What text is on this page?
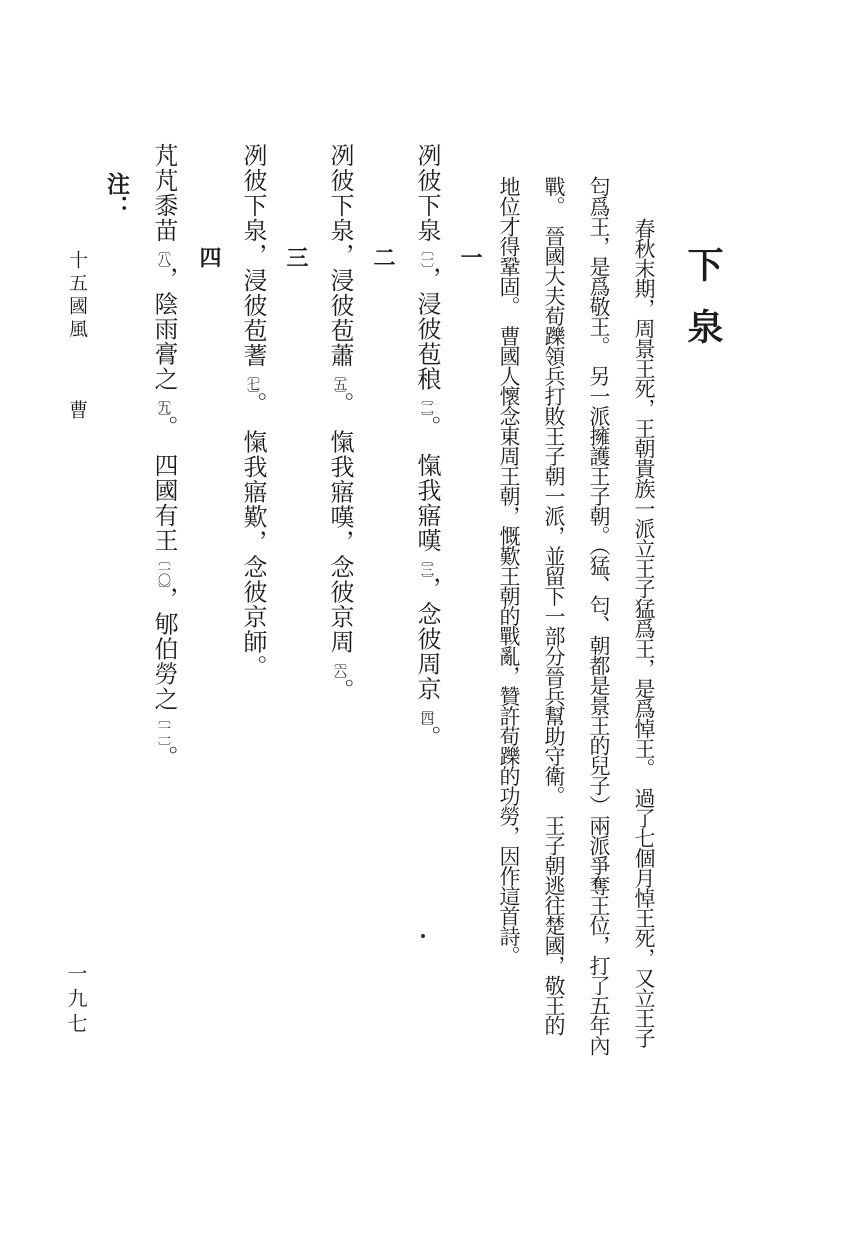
下泉
春秋末期，周景王死，王朝貴族一派立王子猛爲王，是爲悼王。　過了七個月悼王死，又立王子
匄爲王，是爲敬王。　另一派擁護王子朝。（猛、匄、朝都是景王的兒子）兩派爭奪王位，打了五年內
戰。　晉國大夫荀躒領兵打敗王子朝一派，並留下一部分晉兵幫助守衛。　王子朝逃往楚國，敬王的
地位才得鞏固。　曹國人懷念東周王朝，慨歎王朝的戰亂，贊許荀躒的功勞，因作這首詩。
一
冽彼下泉〔一〕，浸彼苞稂〔二〕。　愾我寤嘆〔三〕，念彼周京〔四〕。
二
冽彼下泉，浸彼苞蕭〔五〕。　愾我寤嘆，念彼京周〔六〕。
三
冽彼下泉，浸彼苞蓍〔七〕。　愾我寤歎，念彼京師。
四
芃芃黍苗〔八〕，陰雨膏之〔九〕。　四國有王〔一〇〕，郇伯勞之〔一一〕。
注：
十五國風
曹
一九七
